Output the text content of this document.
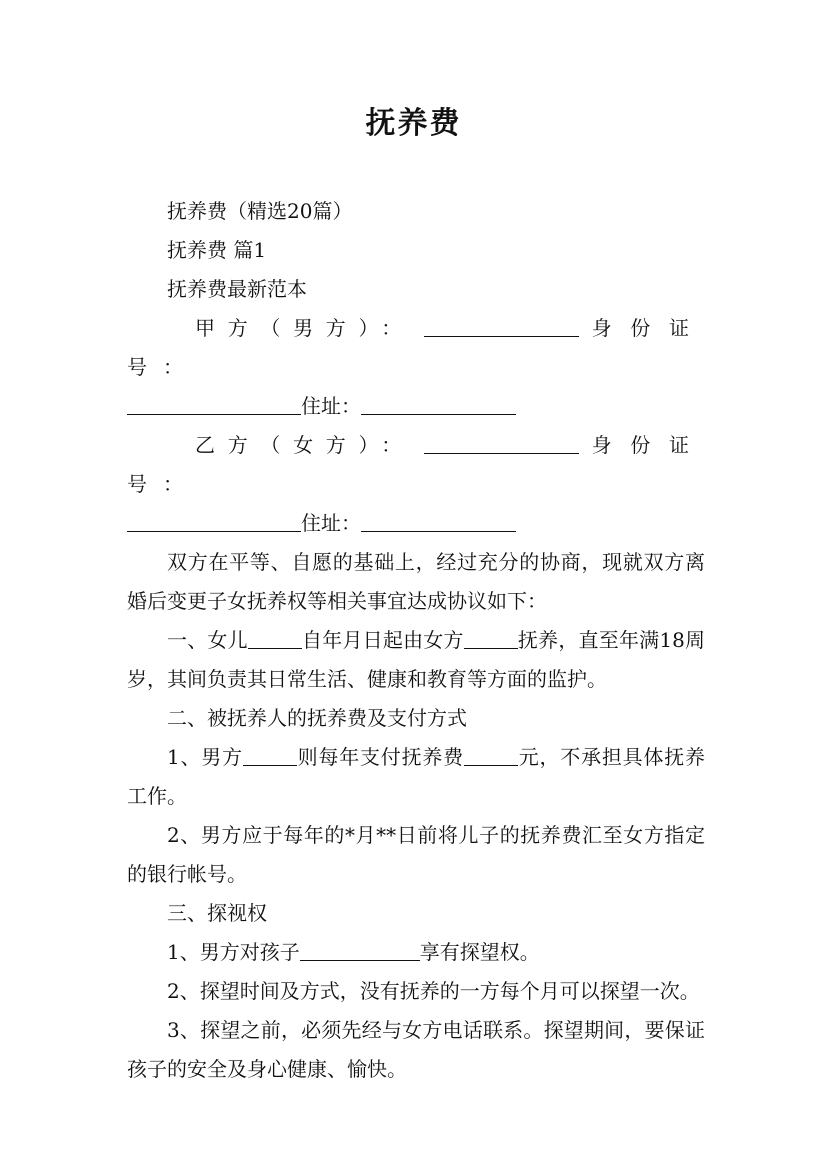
抚养费

抚养费（精选20篇）

抚养费 篇1

抚养费最新范本

甲方（男方）：	身份证号：
住址：

乙方（女方）：	身份证号：
住址：

双方在平等、自愿的基础上，经过充分的协商，现就双方离婚后变更子女抚养权等相关事宜达成协议如下：

一、女儿	自年月日起由女方	抚养，直至年满18周岁，其间负责其日常生活、健康和教育等方面的监护。

二、被抚养人的抚养费及支付方式

1、男方	则每年支付抚养费	元，不承担具体抚养工作。

2、男方应于每年的*月**日前将儿子的抚养费汇至女方指定的银行帐号。

三、探视权

1、男方对孩子	享有探望权。

2、探望时间及方式，没有抚养的一方每个月可以探望一次。

3、探望之前，必须先经与女方电话联系。探望期间，要保证孩子的安全及身心健康、愉快。
